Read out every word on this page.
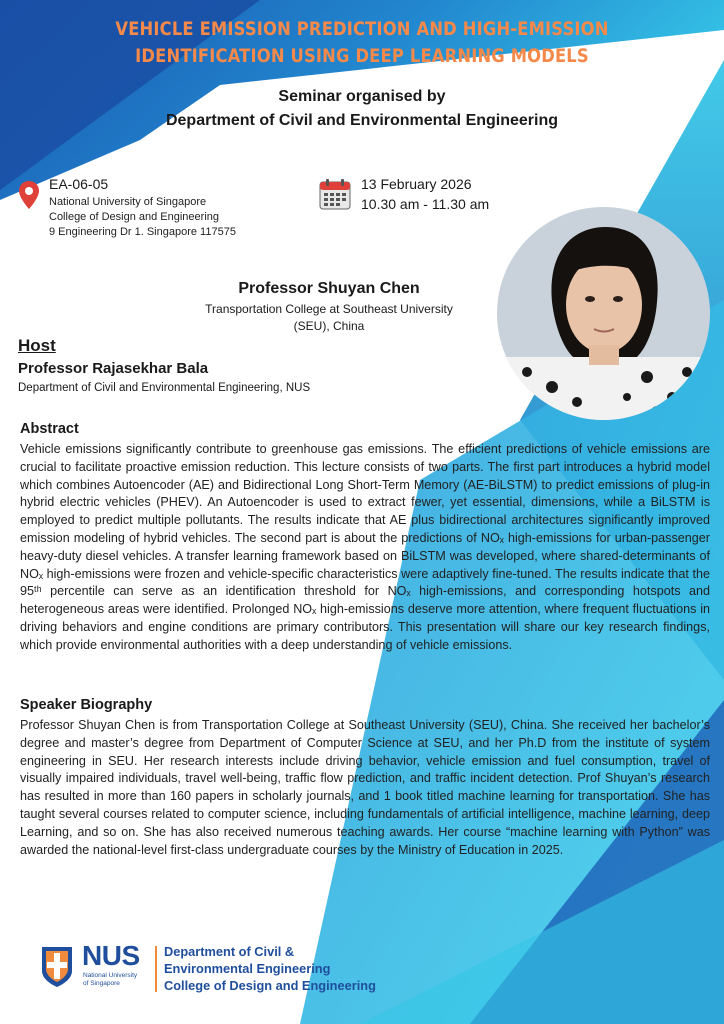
VEHICLE EMISSION PREDICTION AND HIGH-EMISSION IDENTIFICATION USING DEEP LEARNING MODELS
Seminar organised by
Department of Civil and Environmental Engineering
EA-06-05
National University of Singapore
College of Design and Engineering
9 Engineering Dr 1. Singapore 117575
13 February 2026
10.30 am - 11.30 am
Professor Shuyan Chen
Transportation College at Southeast University
(SEU), China
Host
Professor Rajasekhar Bala
Department of Civil and Environmental Engineering, NUS
Abstract

Vehicle emissions significantly contribute to greenhouse gas emissions. The efficient predictions of vehicle emissions are crucial to facilitate proactive emission reduction. This lecture consists of two parts. The first part introduces a hybrid model which combines Autoencoder (AE) and Bidirectional Long Short-Term Memory (AE-BiLSTM) to predict emissions of plug-in hybrid electric vehicles (PHEV). An Autoencoder is used to extract fewer, yet essential, dimensions, while a BiLSTM is employed to predict multiple pollutants. The results indicate that AE plus bidirectional architectures significantly improved emission modeling of hybrid vehicles. The second part is about the predictions of NOₓ high-emissions for urban-passenger heavy-duty diesel vehicles. A transfer learning framework based on BiLSTM was developed, where shared-determinants of NOₓ high-emissions were frozen and vehicle-specific characteristics were adaptively fine-tuned. The results indicate that the 95ᵗʰ percentile can serve as an identification threshold for NOₓ high-emissions, and corresponding hotspots and heterogeneous areas were identified. Prolonged NOₓ high-emissions deserve more attention, where frequent fluctuations in driving behaviors and engine conditions are primary contributors. This presentation will share our key research findings, which provide environmental authorities with a deep understanding of vehicle emissions.

Speaker Biography

Professor Shuyan Chen is from Transportation College at Southeast University (SEU), China. She received her bachelor’s degree and master’s degree from Department of Computer Science at SEU, and her Ph.D from the institute of system engineering in SEU. Her research interests include driving behavior, vehicle emission and fuel consumption, travel of visually impaired individuals, travel well-being, traffic flow prediction, and traffic incident detection. Prof Shuyan’s research has resulted in more than 160 papers in scholarly journals, and 1 book titled machine learning for transportation. She has taught several courses related to computer science, including fundamentals of artificial intelligence, machine learning, deep Learning, and so on. She has also received numerous teaching awards. Her course “machine learning with Python” was awarded the national-level first-class undergraduate courses by the Ministry of Education in 2025.

NUS
National University
of Singapore
Department of Civil &
Environmental Engineering
College of Design and Engineering
